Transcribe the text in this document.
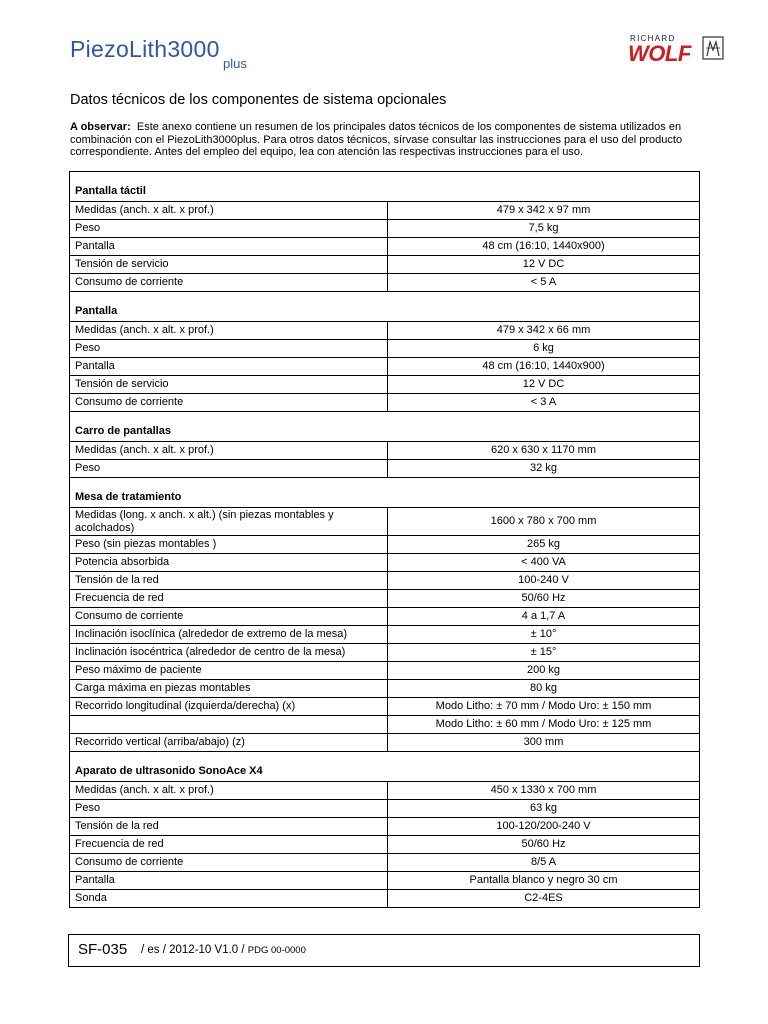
PiezoLith3000
plus
RICHARD
WOLF
Datos técnicos de los componentes de sistema opcionales
A observar: Este anexo contiene un resumen de los principales datos técnicos de los componentes de sistema utilizados en combinación con el PiezoLith3000plus. Para otros datos técnicos, sírvase consultar las instrucciones para el uso del producto correspondiente. Antes del empleo del equipo, lea con atención las respectivas instrucciones para el uso.
Pantalla táctil	
Medidas (anch. x alt. x prof.)	479 x 342 x 97 mm
Peso	7,5 kg
Pantalla	48 cm (16:10, 1440x900)
Tensión de servicio	12 V DC
Consumo de corriente	< 5 A
Pantalla	
Medidas (anch. x alt. x prof.)	479 x 342 x 66 mm
Peso	6 kg
Pantalla	48 cm (16:10, 1440x900)
Tensión de servicio	12 V DC
Consumo de corriente	< 3 A
Carro de pantallas	
Medidas (anch. x alt. x prof.)	620 x 630 x 1170 mm
Peso	32 kg
Mesa de tratamiento	
Medidas (long. x anch. x alt.) (sin piezas montables y acolchados)	1600 x 780 x 700 mm
Peso (sin piezas montables )	265 kg
Potencia absorbida	< 400 VA
Tensión de la red	100-240 V
Frecuencia de red	50/60 Hz
Consumo de corriente	4 a 1,7 A
Inclinación isoclínica (alrededor de extremo de la mesa)	± 10°
Inclinación isocéntrica (alrededor de centro de la mesa)	± 15°
Peso máximo de paciente	200 kg
Carga máxima en piezas montables	80 kg
Recorrido longitudinal (izquierda/derecha) (x)	Modo Litho: ± 70 mm / Modo Uro: ± 150 mm
	Modo Litho: ± 60 mm / Modo Uro: ± 125 mm
Recorrido vertical (arriba/abajo) (z)	300 mm
Aparato de ultrasonido SonoAce X4	
Medidas (anch. x alt. x prof.)	450 x 1330 x 700 mm
Peso	63 kg
Tensión de la red	100-120/200-240 V
Frecuencia de red	50/60 Hz
Consumo de corriente	8/5 A
Pantalla	Pantalla blanco y negro 30 cm
Sonda	C2-4ES
SF-035 / es / 2012-10 V1.0 / PDG 00-0000
